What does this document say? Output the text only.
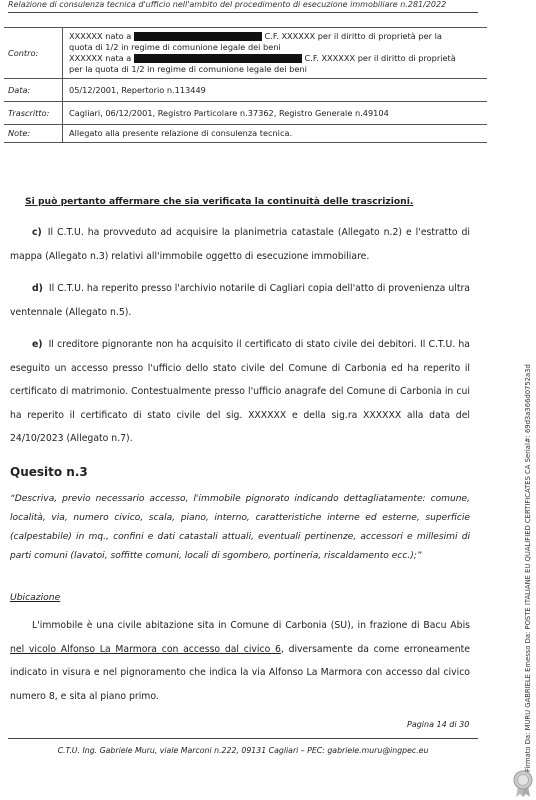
Relazione di consulenza tecnica d'ufficio nell'ambito del procedimento di esecuzione immobiliare n.281/2022
Contro:	XXXXXX nato a C.F. XXXXXX per il diritto di proprietà per la
quota di 1/2 in regime di comunione legale dei beni
XXXXXX nata a C.F. XXXXXX per il diritto di proprietà
per la quota di 1/2 in regime di comunione legale dei beni

Data:	05/12/2001, Repertorio n.113449
Trascritto:	Cagliari, 06/12/2001, Registro Particolare n.37362, Registro Generale n.49104
Note:	Allegato alla presente relazione di consulenza tecnica.
Si può pertanto affermare che sia verificata la continuità delle trascrizioni.
c) Il C.T.U. ha provveduto ad acquisire la planimetria catastale (Allegato n.2) e l'estratto di mappa (Allegato n.3) relativi all'immobile oggetto di esecuzione immobiliare.
d) Il C.T.U. ha reperito presso l'archivio notarile di Cagliari copia dell'atto di provenienza ultra ventennale (Allegato n.5).
e) Il creditore pignorante non ha acquisito il certificato di stato civile dei debitori. Il C.T.U. ha eseguito un accesso presso l'ufficio dello stato civile del Comune di Carbonia ed ha reperito il certificato di matrimonio. Contestualmente presso l'ufficio anagrafe del Comune di Carbonia in cui ha reperito il certificato di stato civile del sig. XXXXXX e della sig.ra XXXXXX alla data del 24/10/2023 (Allegato n.7).
Quesito n.3
“Descriva, previo necessario accesso, l'immobile pignorato indicando dettagliatamente: comune, località, via, numero civico, scala, piano, interno, caratteristiche interne ed esterne, superficie (calpestabile) in mq., confini e dati catastali attuali, eventuali pertinenze, accessori e millesimi di parti comuni (lavatoi, soffitte comuni, locali di sgombero, portineria, riscaldamento ecc.);”
Ubicazione
L'immobile è una civile abitazione sita in Comune di Carbonia (SU), in frazione di Bacu Abis nel vicolo Alfonso La Marmora con accesso dal civico 6, diversamente da come erroneamente indicato in visura e nel pignoramento che indica la via Alfonso La Marmora con accesso dal civico numero 8, e sita al piano primo.
Pagina 14 di 30
C.T.U. Ing. Gabriele Muru, viale Marconi n.222, 09131 Cagliari – PEC: gabriele.muru@ingpec.eu	Firmato Da: MURU GABRIELE Emesso Da: POSTE ITALIANE EU QUALIFIED CERTIFICATES CA Serial#: 69d3a366d0752a3d
